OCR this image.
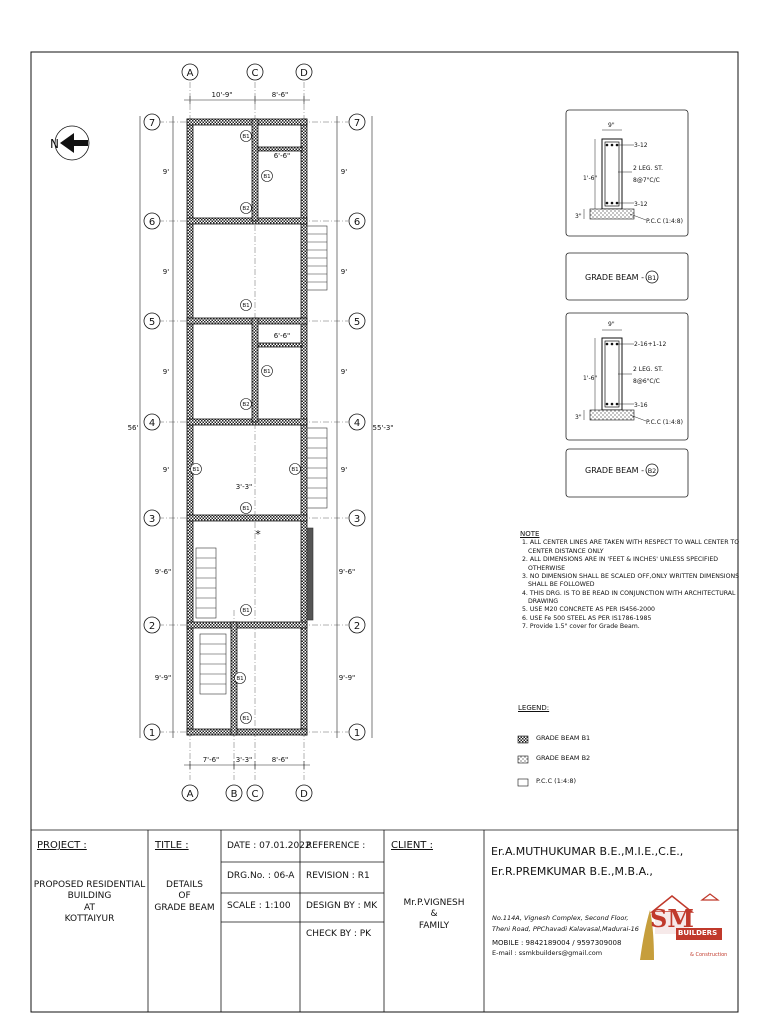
A	C	D
A	B C	D
7
6
5
4
3
2
1
7
6
5
4
3
2
1
10'-9"	8'-6"
7'-6" 3'-3"	8'-6"
9'
9'
9'
9'
9'-6"
9'-9"
9'
9'
9'
9'
9'-6"
9'-9"
56'	55'-3"
6'-6"
6'-6"
3'-3"
*
B1
B1
B2
B1
B1
B2
B1	B1
B1
B1
B1
B1
N
9"
1'-6"
3"
3-12
2 LEG. ST.
8@7"C/C
3-12
P.C.C (1:4:8)
GRADE BEAM - B1
9"
1'-6"
3"
2-16+1-12
2 LEG. ST.
8@6"C/C
3-16
P.C.C (1:4:8)
GRADE BEAM - B2
NOTE
1. ALL CENTER LINES ARE TAKEN WITH RESPECT TO WALL CENTER TO CENTER DISTANCE ONLY
2. ALL DIMENSIONS ARE IN 'FEET & INCHES' UNLESS SPECIFIED OTHERWISE
3. NO DIMENSION SHALL BE SCALED OFF,ONLY WRITTEN DIMENSIONS SHALL BE FOLLOWED
4. THIS DRG. IS TO BE READ IN CONJUNCTION WITH ARCHITECTURAL DRAWING
5. USE M20 CONCRETE AS PER IS456-2000
6. USE Fe 500 STEEL AS PER IS1786-1985
7. Provide 1.5" cover for Grade Beam.
LEGEND:
GRADE BEAM B1
GRADE BEAM B2
P.C.C (1:4:8)
PROJECT :
PROPOSED RESIDENTIAL
BUILDING
AT
KOTTAIYUR
TITLE :
DETAILS
OF
GRADE BEAM
DATE : 07.01.2022
DRG.No. : 06-A
SCALE : 1:100
REFERENCE :
REVISION : R1
DESIGN BY : MK
CHECK BY : PK
CLIENT :
Mr.P.VIGNESH
&
FAMILY
Er.A.MUTHUKUMAR B.E.,M.I.E.,C.E.,
Er.R.PREMKUMAR B.E.,M.B.A.,
No.114A, Vignesh Complex, Second Floor,
Theni Road, PPChavadi Kalavasal,Madurai-16
MOBILE : 9842189004 / 9597309008
E-mail : ssmkbuilders@gmail.com
SM
BUILDERS
& Construction
